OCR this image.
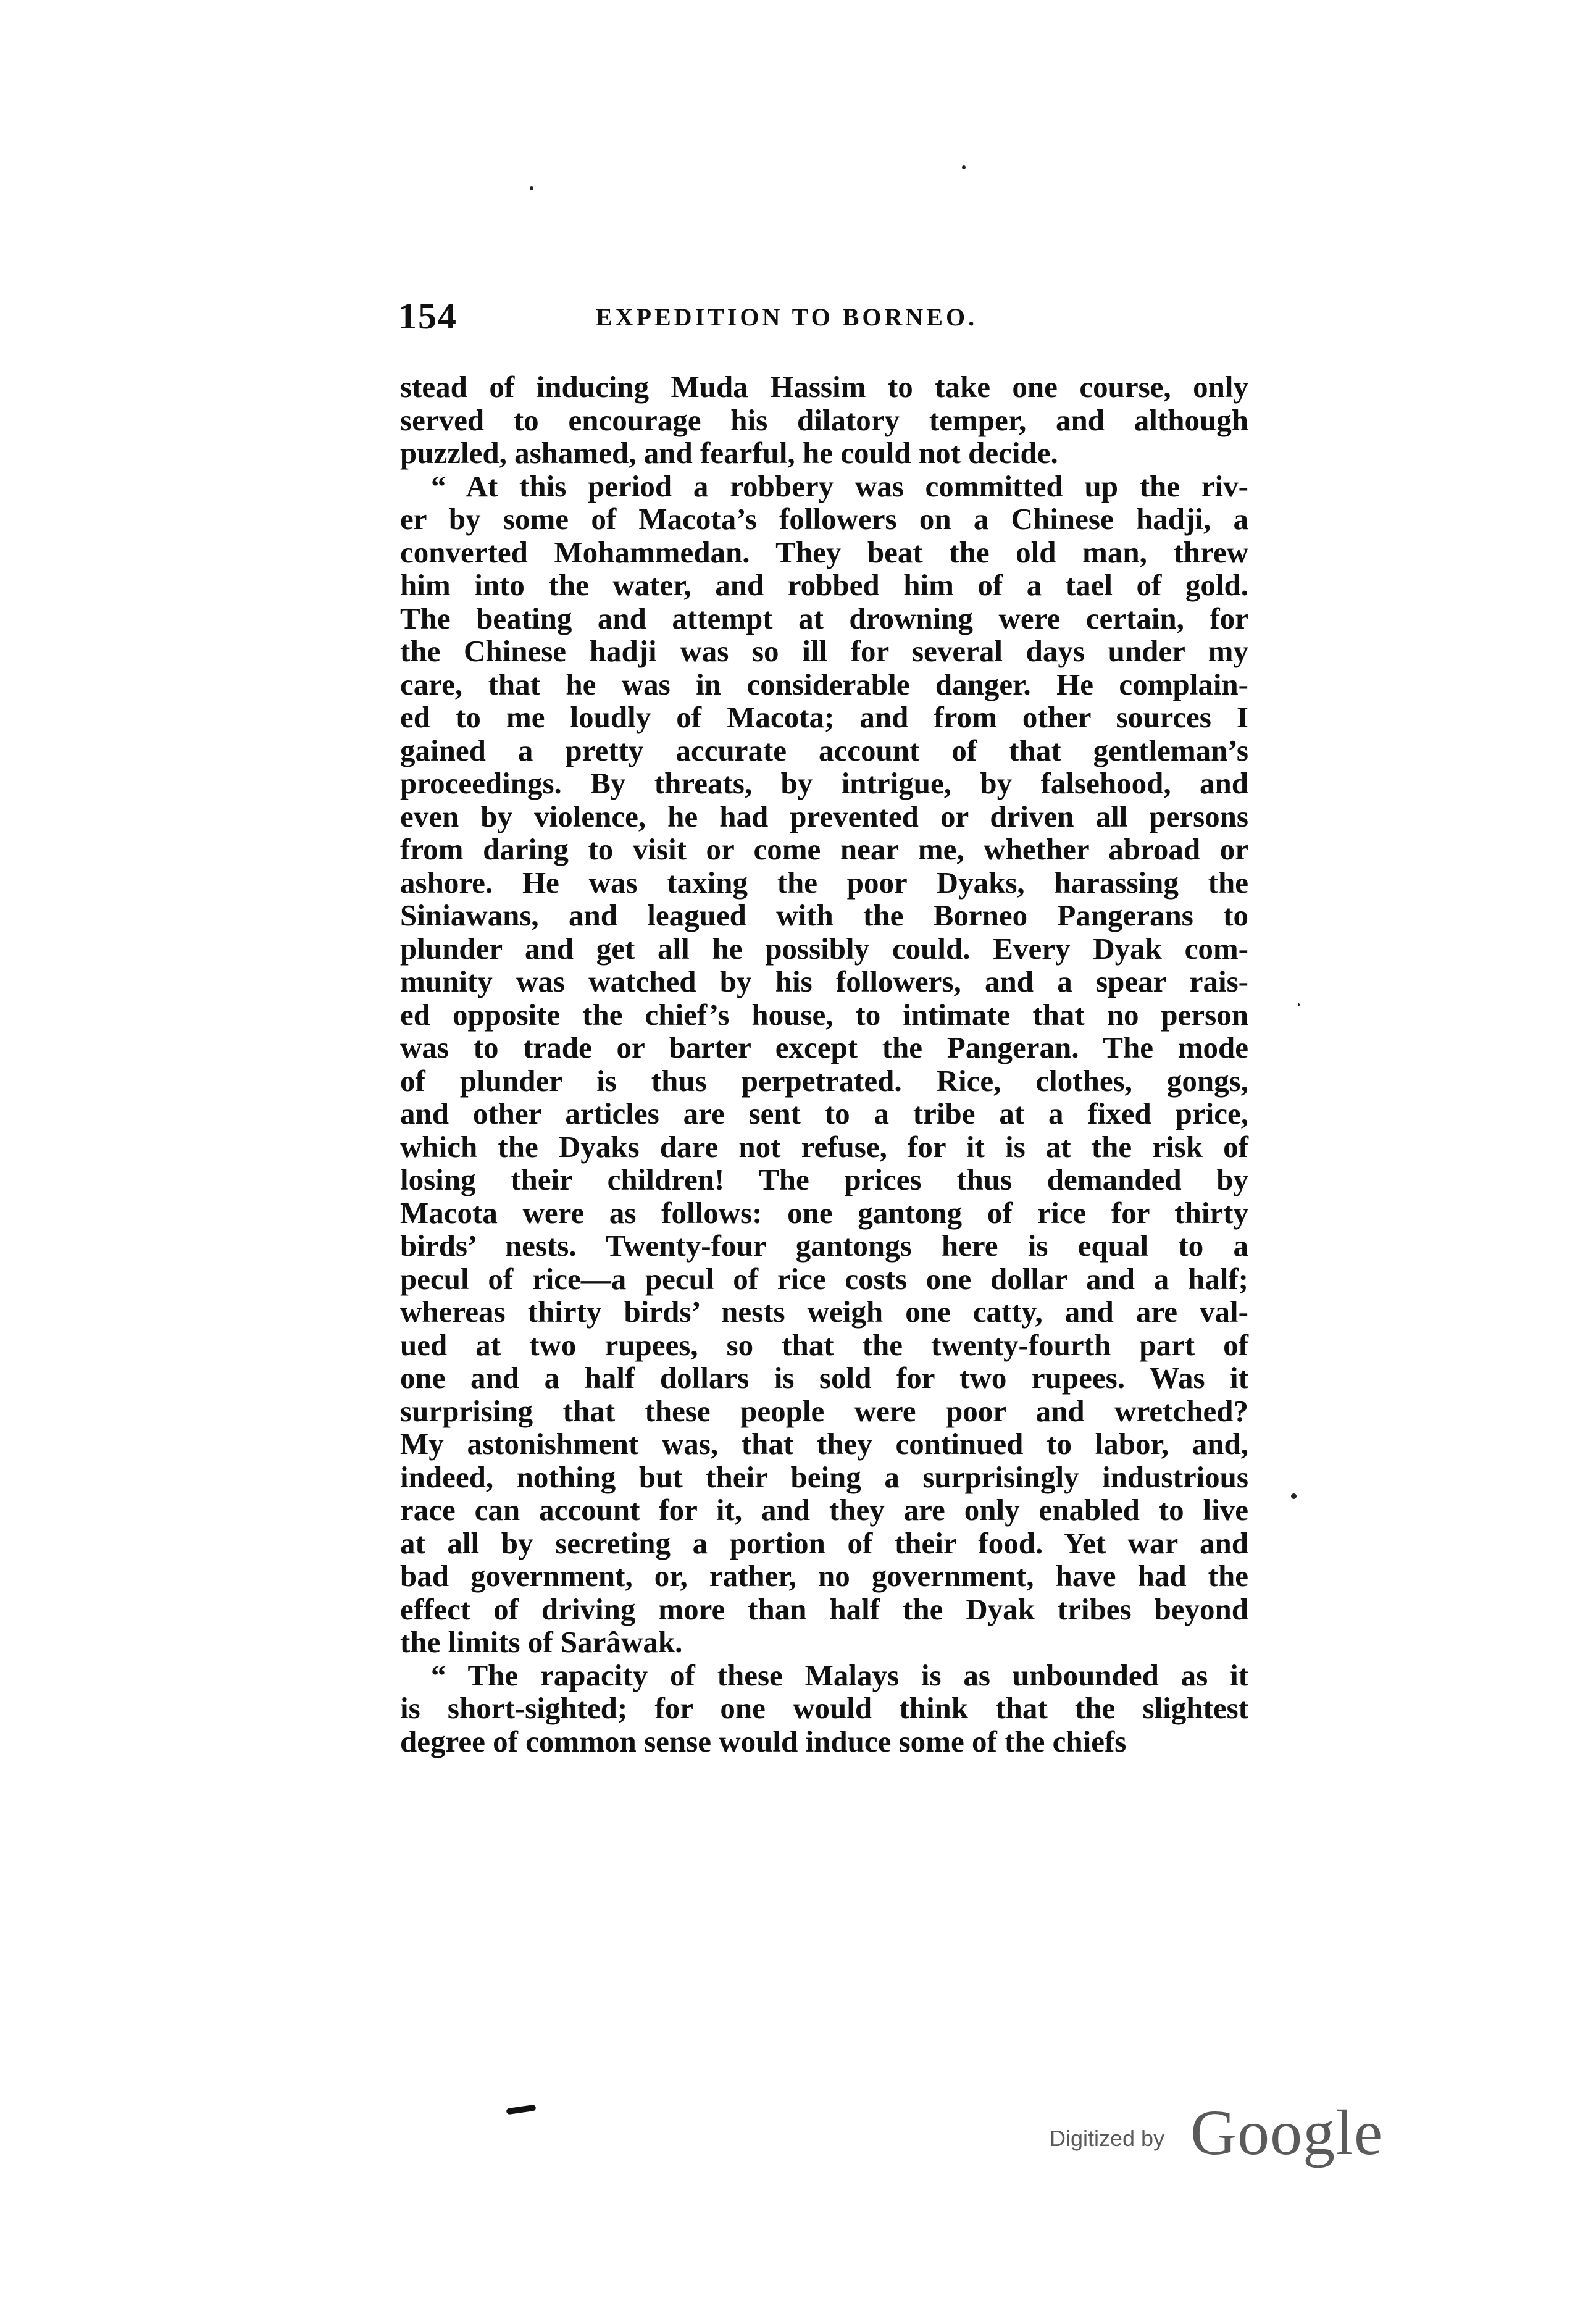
154	EXPEDITION TO BORNEO.
stead of inducing Muda Hassim to take one course, only
served to encourage his dilatory temper, and although
puzzled, ashamed, and fearful, he could not decide.
“ At this period a robbery was committed up the riv-
er by some of Macota’s followers on a Chinese hadji, a
converted Mohammedan. They beat the old man, threw
him into the water, and robbed him of a tael of gold.
The beating and attempt at drowning were certain, for
the Chinese hadji was so ill for several days under my
care, that he was in considerable danger. He complain-
ed to me loudly of Macota; and from other sources I
gained a pretty accurate account of that gentleman’s
proceedings. By threats, by intrigue, by falsehood, and
even by violence, he had prevented or driven all persons
from daring to visit or come near me, whether abroad or
ashore. He was taxing the poor Dyaks, harassing the
Siniawans, and leagued with the Borneo Pangerans to
plunder and get all he possibly could. Every Dyak com-
munity was watched by his followers, and a spear rais-
ed opposite the chief’s house, to intimate that no person
was to trade or barter except the Pangeran. The mode
of plunder is thus perpetrated. Rice, clothes, gongs,
and other articles are sent to a tribe at a fixed price,
which the Dyaks dare not refuse, for it is at the risk of
losing their children! The prices thus demanded by
Macota were as follows: one gantong of rice for thirty
birds’ nests. Twenty-four gantongs here is equal to a
pecul of rice—a pecul of rice costs one dollar and a half;
whereas thirty birds’ nests weigh one catty, and are val-
ued at two rupees, so that the twenty-fourth part of
one and a half dollars is sold for two rupees. Was it
surprising that these people were poor and wretched?
My astonishment was, that they continued to labor, and,
indeed, nothing but their being a surprisingly industrious
race can account for it, and they are only enabled to live
at all by secreting a portion of their food. Yet war and
bad government, or, rather, no government, have had the
effect of driving more than half the Dyak tribes beyond
the limits of Sarâwak.
“ The rapacity of these Malays is as unbounded as it
is short-sighted; for one would think that the slightest
degree of common sense would induce some of the chiefs
Digitized by Google
